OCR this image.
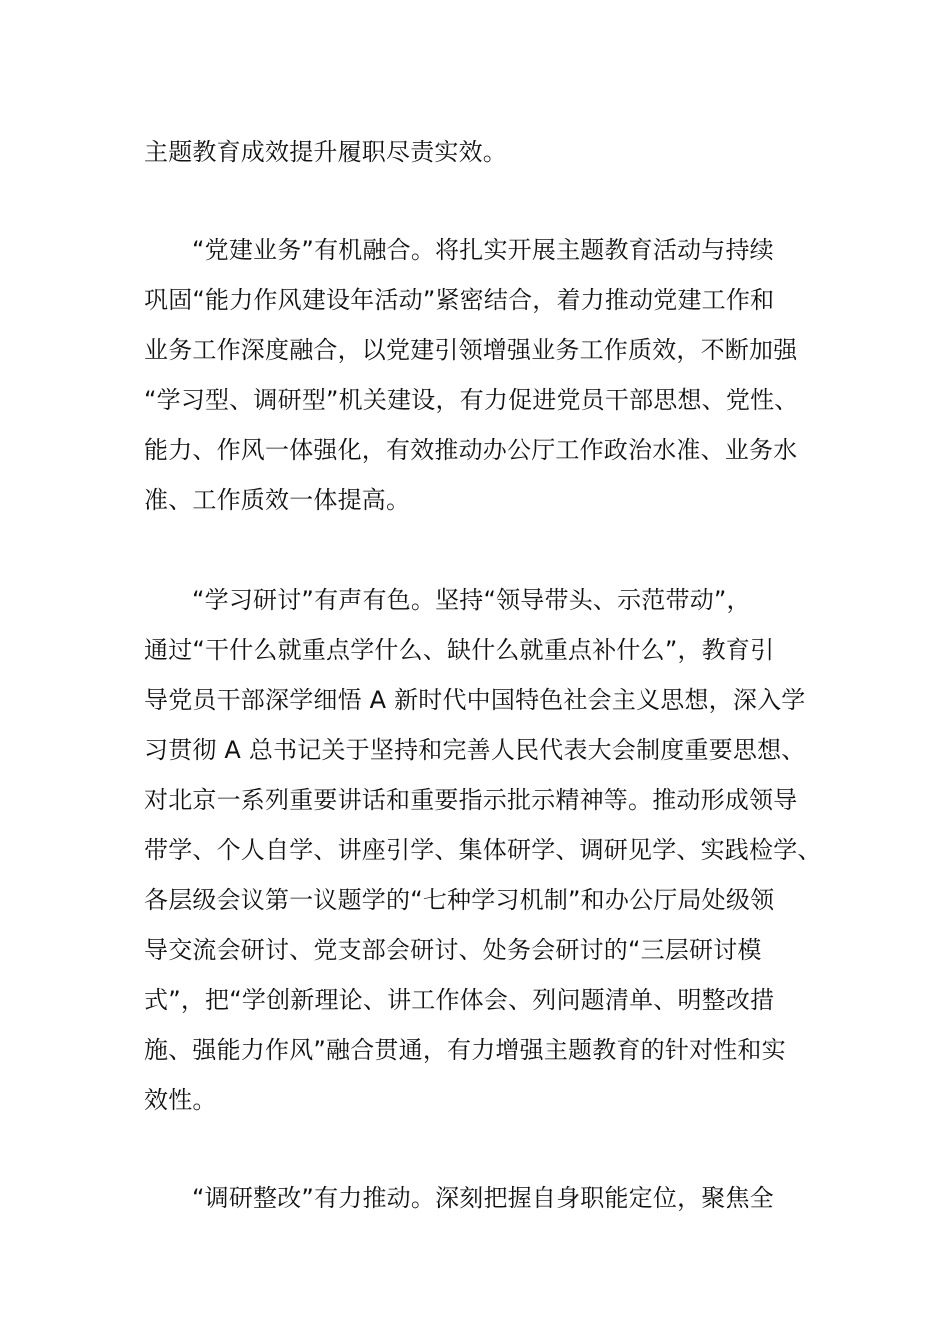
主题教育成效提升履职尽责实效。
“党建业务”有机融合。将扎实开展主题教育活动与持续
巩固“能力作风建设年活动”紧密结合，着力推动党建工作和
业务工作深度融合，以党建引领增强业务工作质效，不断加强
“学习型、调研型”机关建设，有力促进党员干部思想、党性、
能力、作风一体强化，有效推动办公厅工作政治水准、业务水
准、工作质效一体提高。
“学习研讨”有声有色。坚持“领导带头、示范带动”，
通过“干什么就重点学什么、缺什么就重点补什么”，教育引
导党员干部深学细悟 A 新时代中国特色社会主义思想，深入学
习贯彻 A 总书记关于坚持和完善人民代表大会制度重要思想、
对北京一系列重要讲话和重要指示批示精神等。推动形成领导
带学、个人自学、讲座引学、集体研学、调研见学、实践检学、
各层级会议第一议题学的“七种学习机制”和办公厅局处级领
导交流会研讨、党支部会研讨、处务会研讨的“三层研讨模
式”，把“学创新理论、讲工作体会、列问题清单、明整改措
施、强能力作风”融合贯通，有力增强主题教育的针对性和实
效性。
“调研整改”有力推动。深刻把握自身职能定位，聚焦全
